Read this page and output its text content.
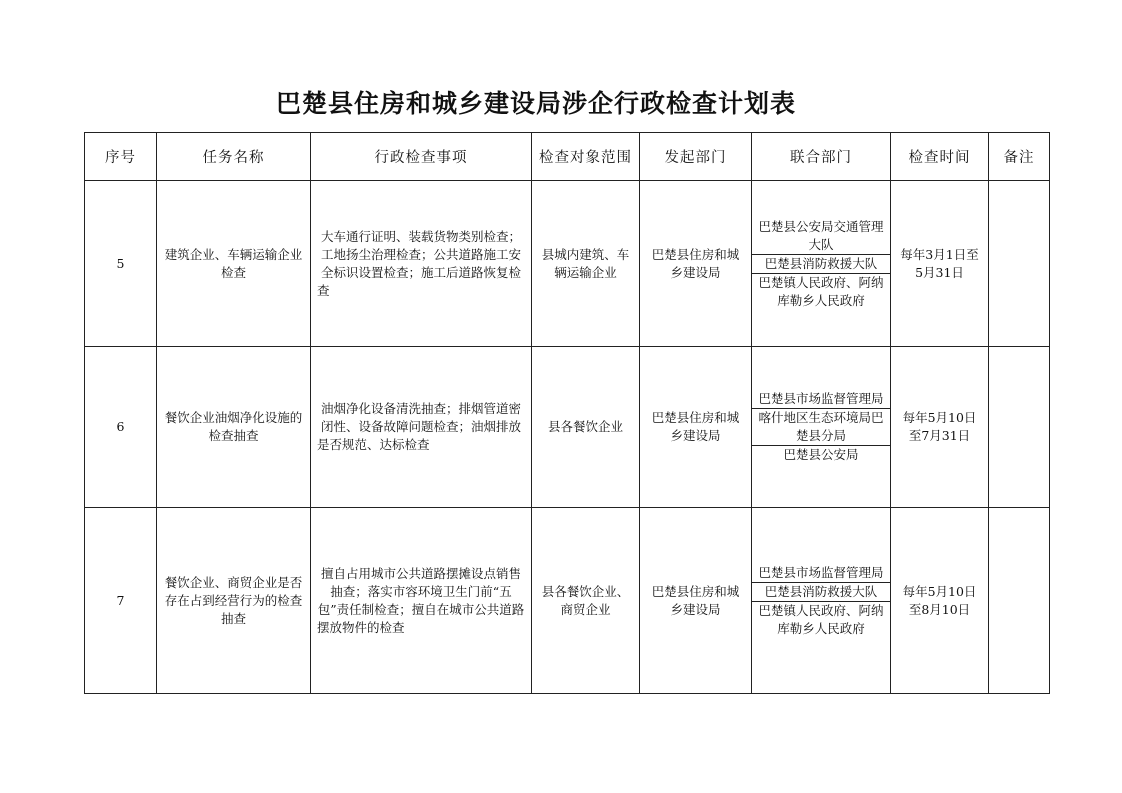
巴楚县住房和城乡建设局涉企行政检查计划表
序号	任务名称	行政检查事项	检查对象范围	发起部门	联合部门	检查时间	备注
5	建筑企业、车辆运输企业检查	大车通行证明、装载货物类别检查；工地扬尘治理检查；公共道路施工安全标识设置检查；施工后道路恢复检查	县城内建筑、车辆运输企业	巴楚县住房和城乡建设局	巴楚县公安局交通管理大队
巴楚县消防救援大队
巴楚镇人民政府、阿纳库勒乡人民政府	每年3月1日至5月31日	
6	餐饮企业油烟净化设施的检查抽查	油烟净化设备清洗抽查；排烟管道密闭性、设备故障问题检查；油烟排放是否规范、达标检查	县各餐饮企业	巴楚县住房和城乡建设局	巴楚县市场监督管理局
喀什地区生态环境局巴楚县分局
巴楚县公安局	每年5月10日至7月31日	
7	餐饮企业、商贸企业是否存在占到经营行为的检查抽查	擅自占用城市公共道路摆摊设点销售抽查；落实市容环境卫生门前“五包”责任制检查；擅自在城市公共道路摆放物件的检查	县各餐饮企业、商贸企业	巴楚县住房和城乡建设局	巴楚县市场监督管理局
巴楚县消防救援大队
巴楚镇人民政府、阿纳库勒乡人民政府	每年5月10日至8月10日	
